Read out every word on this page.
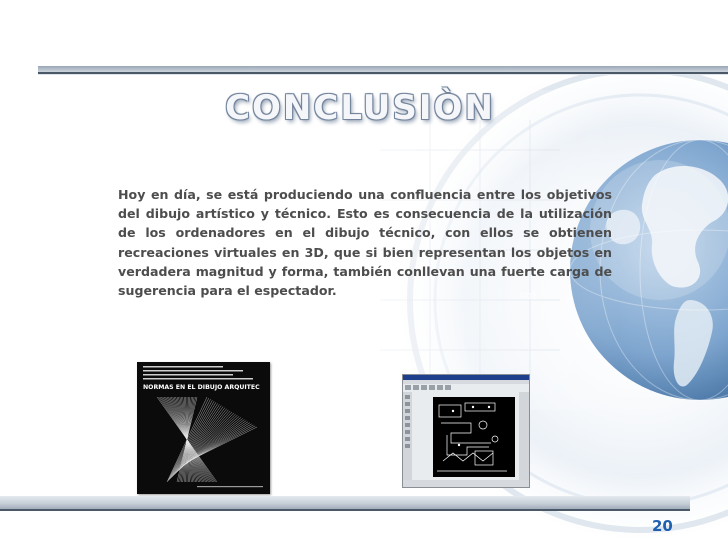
CONCLUSIÒN

Hoy en día, se está produciendo una confluencia entre los objetivos del dibujo artístico y técnico. Esto es consecuencia de la utilización de los ordenadores en el dibujo técnico, con ellos se obtienen recreaciones virtuales en 3D, que si bien representan los objetos en verdadera magnitud y forma, también conllevan una fuerte carga de sugerencia para el espectador.	003
NORMAS EN EL DIBUJO ARQUITEC
20
